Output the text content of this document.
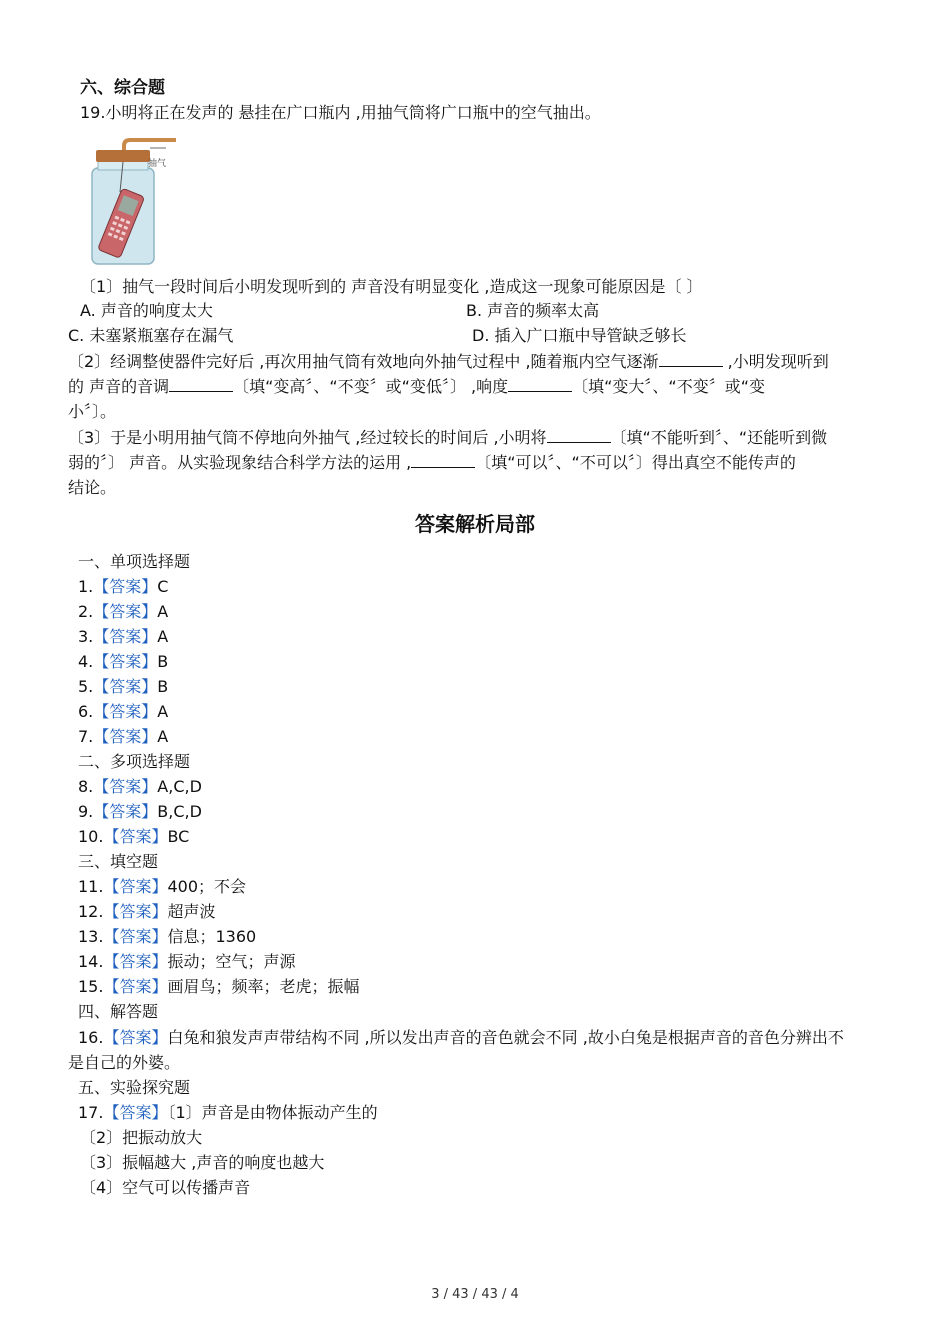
六、综合题
19.小明将正在发声的 悬挂在广口瓶内 ,用抽气筒将广口瓶中的空气抽出。
抽气
〔1〕抽气一段时间后小明发现听到的 声音没有明显变化 ,造成这一现象可能原因是〔 〕
A. 声音的响度太大	B. 声音的频率太高
C. 未塞紧瓶塞存在漏气	D. 插入广口瓶中导管缺乏够长
〔2〕经调整使器件完好后 ,再次用抽气筒有效地向外抽气过程中 ,随着瓶内空气逐渐	,小明发现听到
的 声音的音调	〔填“变高〞、“不变〞或“变低〞〕 ,响度	〔填“变大〞、“不变〞或“变
小〞〕。
〔3〕于是小明用抽气筒不停地向外抽气 ,经过较长的时间后 ,小明将	〔填“不能听到〞、“还能听到微
弱的〞〕 声音。从实验现象结合科学方法的运用 ,	〔填“可以〞、“不可以〞〕得出真空不能传声的
结论。
答案解析局部
一、单项选择题
1.【答案】C
2.【答案】A
3.【答案】A
4.【答案】B
5.【答案】B
6.【答案】A
7.【答案】A
二、多项选择题
8.【答案】A,C,D
9.【答案】B,C,D
10.【答案】BC
三、填空题
11.【答案】400；不会
12.【答案】超声波
13.【答案】信息；1360
14.【答案】振动；空气；声源
15.【答案】画眉鸟；频率；老虎；振幅
四、解答题
16.【答案】白兔和狼发声声带结构不同 ,所以发出声音的音色就会不同 ,故小白兔是根据声音的音色分辨出不
是自己的外婆。
五、实验探究题
17.【答案】〔1〕声音是由物体振动产生的
〔2〕把振动放大
〔3〕振幅越大 ,声音的响度也越大
〔4〕空气可以传播声音
3 / 43 / 43 / 4
